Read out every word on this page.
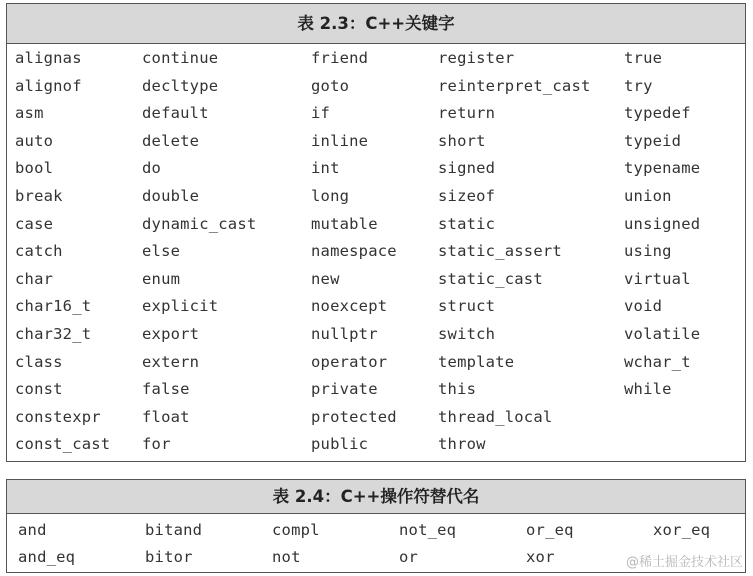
表 2.3：C++关键字
alignas
alignof
asm
auto
bool
break
case
catch
char
char16_t
char32_t
class
const
constexpr
const_cast
continue
decltype
default
delete
do
double
dynamic_cast
else
enum
explicit
export
extern
false
float
for
friend
goto
if
inline
int
long
mutable
namespace
new
noexcept
nullptr
operator
private
protected
public
register
reinterpret_cast
return
short
signed
sizeof
static
static_assert
static_cast
struct
switch
template
this
thread_local
throw
true
try
typedef
typeid
typename
union
unsigned
using
virtual
void
volatile
wchar_t
while
表 2.4：C++操作符替代名
and
and_eq
bitand
bitor
compl
not
not_eq
or
or_eq
xor
xor_eq
@稀土掘金技术社区
